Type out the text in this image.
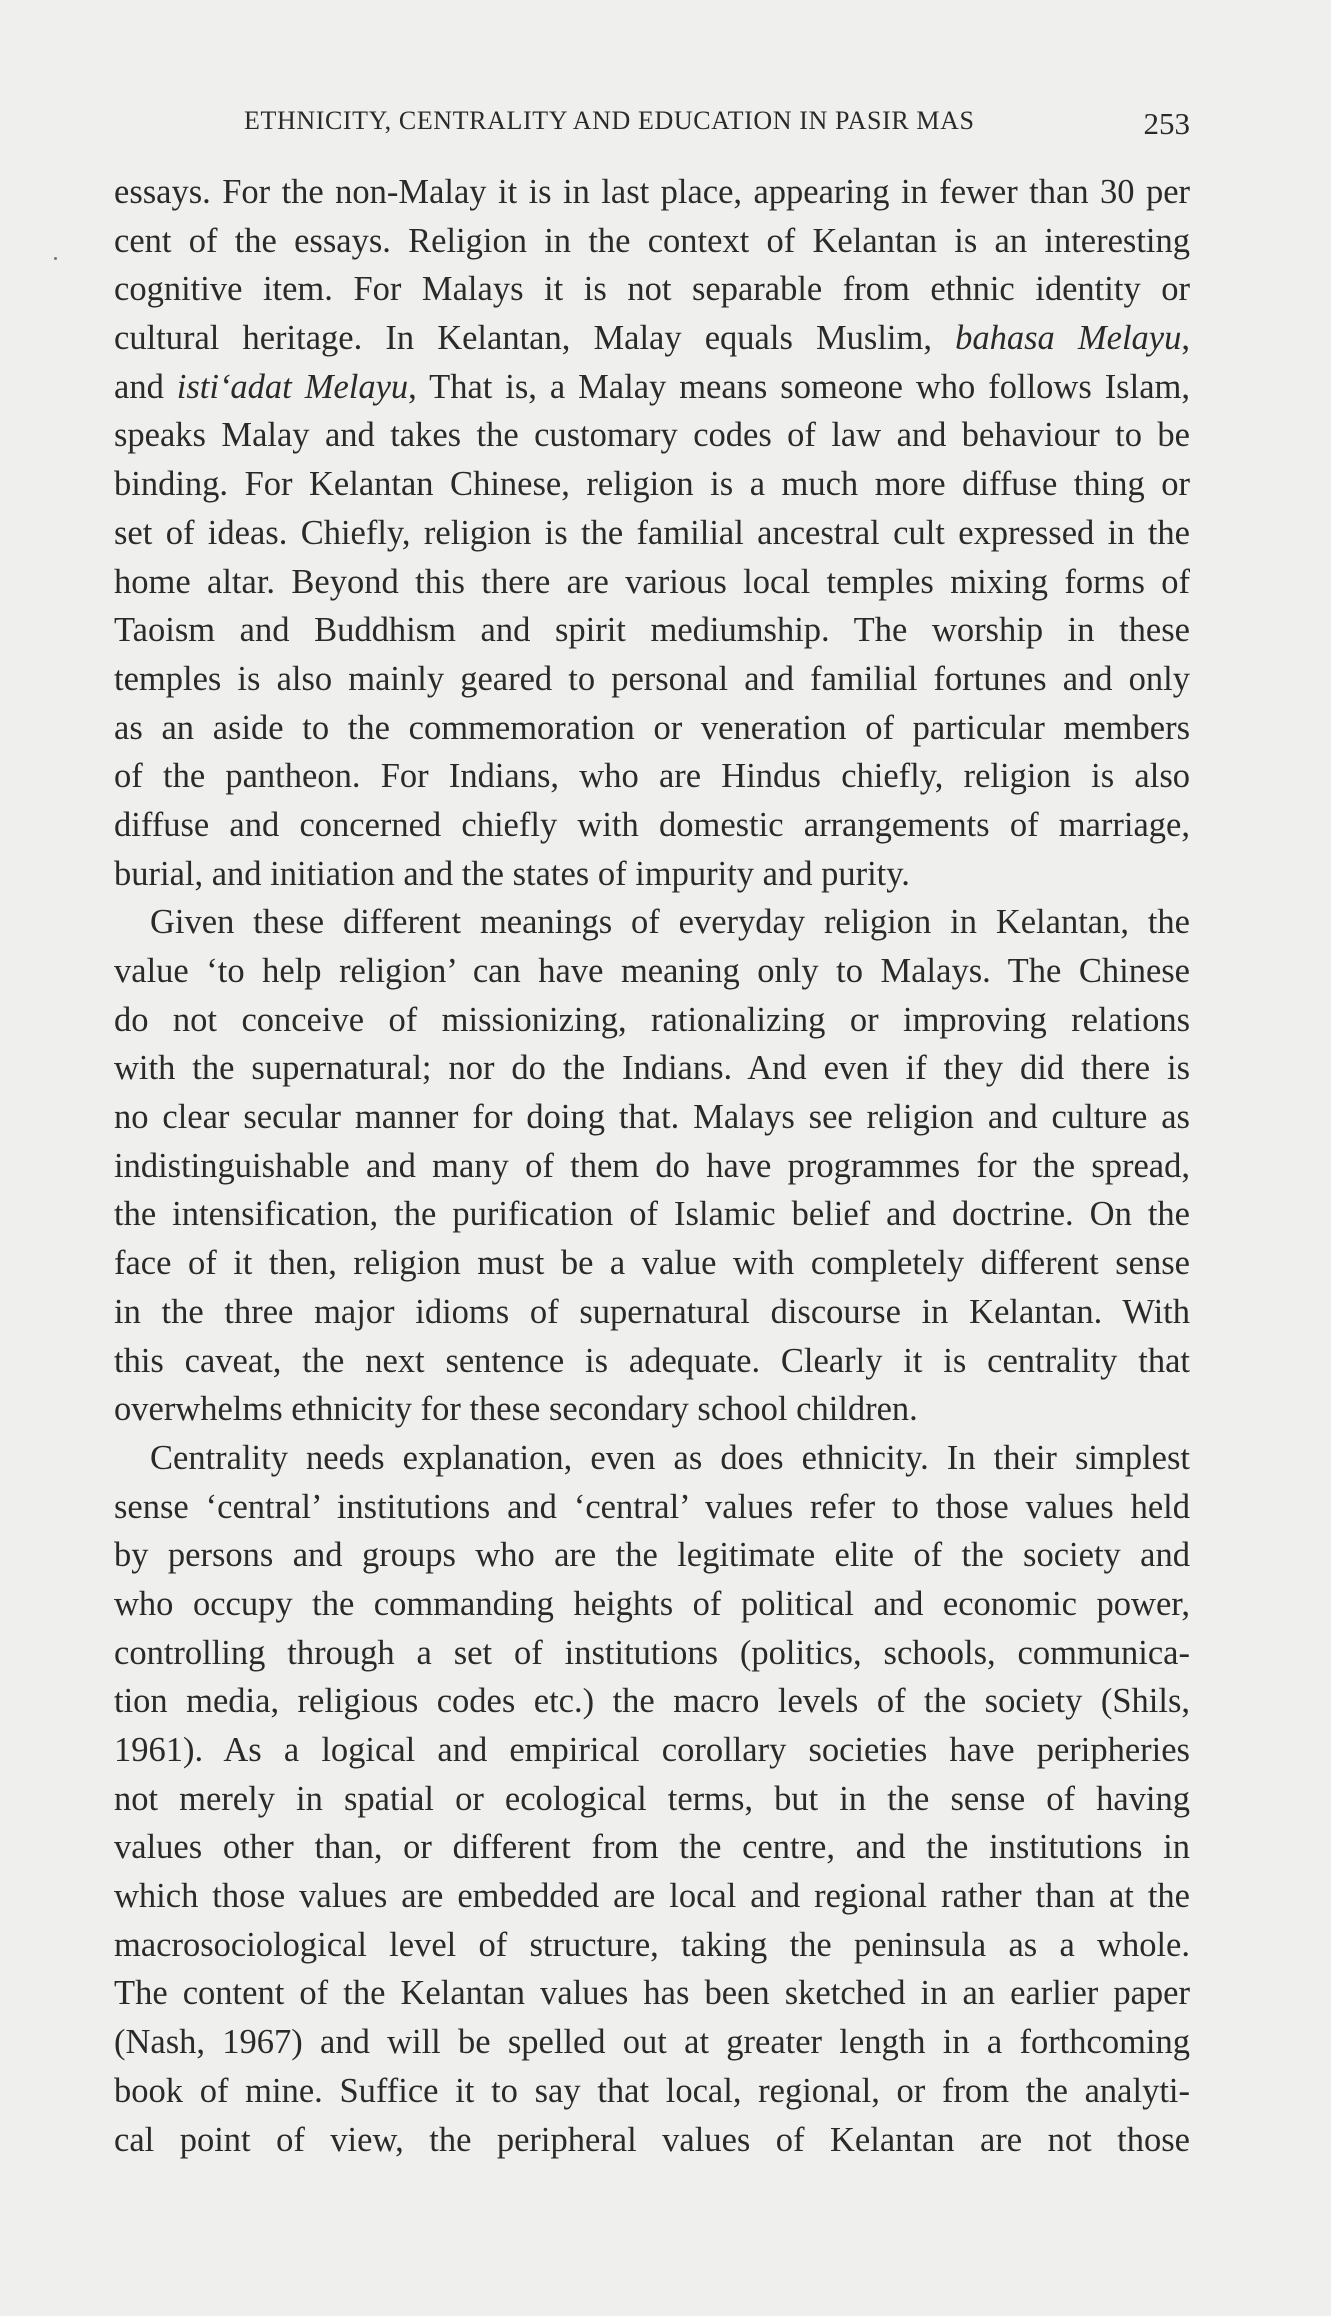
ETHNICITY, CENTRALITY AND EDUCATION IN PASIR MAS	253
essays. For the non-Malay it is in last place, appearing in fewer than 30 per
cent of the essays. Religion in the context of Kelantan is an interesting
cognitive item. For Malays it is not separable from ethnic identity or
cultural heritage. In Kelantan, Malay equals Muslim, bahasa Melayu,
and isti‘adat Melayu, That is, a Malay means someone who follows Islam,
speaks Malay and takes the customary codes of law and behaviour to be
binding. For Kelantan Chinese, religion is a much more diffuse thing or
set of ideas. Chiefly, religion is the familial ancestral cult expressed in the
home altar. Beyond this there are various local temples mixing forms of
Taoism and Buddhism and spirit mediumship. The worship in these
temples is also mainly geared to personal and familial fortunes and only
as an aside to the commemoration or veneration of particular members
of the pantheon. For Indians, who are Hindus chiefly, religion is also
diffuse and concerned chiefly with domestic arrangements of marriage,
burial, and initiation and the states of impurity and purity.
Given these different meanings of everyday religion in Kelantan, the
value ‘to help religion’ can have meaning only to Malays. The Chinese
do not conceive of missionizing, rationalizing or improving relations
with the supernatural; nor do the Indians. And even if they did there is
no clear secular manner for doing that. Malays see religion and culture as
indistinguishable and many of them do have programmes for the spread,
the intensification, the purification of Islamic belief and doctrine. On the
face of it then, religion must be a value with completely different sense
in the three major idioms of supernatural discourse in Kelantan. With
this caveat, the next sentence is adequate. Clearly it is centrality that
overwhelms ethnicity for these secondary school children.
Centrality needs explanation, even as does ethnicity. In their simplest
sense ‘central’ institutions and ‘central’ values refer to those values held
by persons and groups who are the legitimate elite of the society and
who occupy the commanding heights of political and economic power,
controlling through a set of institutions (politics, schools, communica-
tion media, religious codes etc.) the macro levels of the society (Shils,
1961). As a logical and empirical corollary societies have peripheries
not merely in spatial or ecological terms, but in the sense of having
values other than, or different from the centre, and the institutions in
which those values are embedded are local and regional rather than at the
macrosociological level of structure, taking the peninsula as a whole.
The content of the Kelantan values has been sketched in an earlier paper
(Nash, 1967) and will be spelled out at greater length in a forthcoming
book of mine. Suffice it to say that local, regional, or from the analyti-
cal point of view, the peripheral values of Kelantan are not those
